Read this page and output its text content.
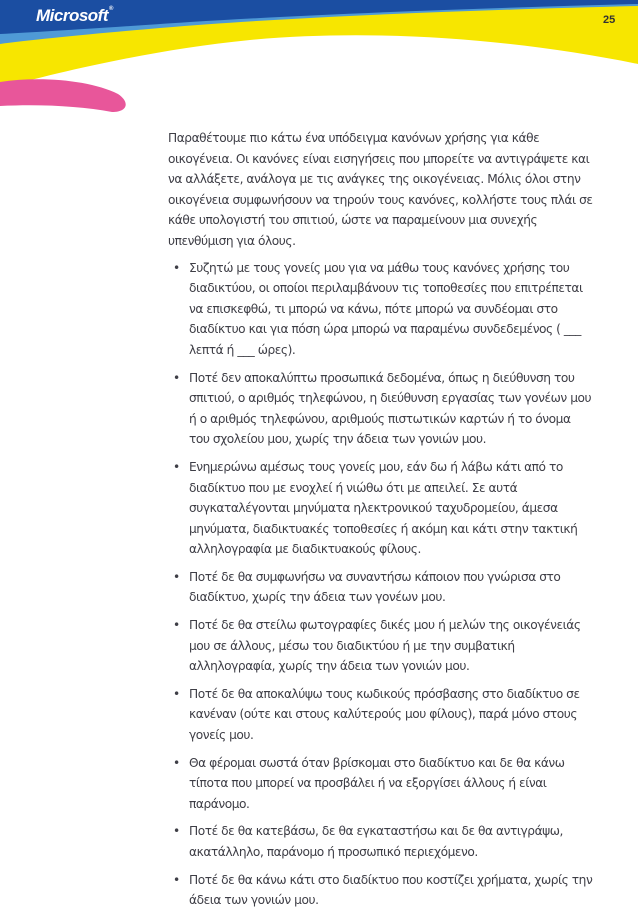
Microsoft®
25

Παραθέτουμε πιο κάτω ένα υπόδειγμα κανόνων χρήσης για κάθε οικογένεια. Οι κανόνες είναι εισηγήσεις που μπορείτε να αντιγράψετε και να αλλάξετε, ανάλογα με τις ανάγκες της οικογένειας. Μόλις όλοι στην οικογένεια συμφωνήσουν να τηρούν τους κανόνες, κολλήστε τους πλάι σε κάθε υπολογιστή του σπιτιού, ώστε να παραμείνουν μια συνεχής υπενθύμιση για όλους.

• Συζητώ με τους γονείς μου για να μάθω τους κανόνες χρήσης του διαδικτύου, οι οποίοι περιλαμβάνουν τις τοποθεσίες που επιτρέπεται να επισκεφθώ, τι μπορώ να κάνω, πότε μπορώ να συνδέομαι στο διαδίκτυο και για πόση ώρα μπορώ να παραμένω συνδεδεμένος ( ___ λεπτά ή ___ ώρες).
• Ποτέ δεν αποκαλύπτω προσωπικά δεδομένα, όπως η διεύθυνση του σπιτιού, ο αριθμός τηλεφώνου, η διεύθυνση εργασίας των γονέων μου ή ο αριθμός τηλεφώνου, αριθμούς πιστωτικών καρτών ή το όνομα του σχολείου μου, χωρίς την άδεια των γονιών μου.
• Ενημερώνω αμέσως τους γονείς μου, εάν δω ή λάβω κάτι από το διαδίκτυο που με ενοχλεί ή νιώθω ότι με απειλεί. Σε αυτά συγκαταλέγονται μηνύματα ηλεκτρονικού ταχυδρομείου, άμεσα μηνύματα, διαδικτυακές τοποθεσίες ή ακόμη και κάτι στην τακτική αλληλογραφία με διαδικτυακούς φίλους.
• Ποτέ δε θα συμφωνήσω να συναντήσω κάποιον που γνώρισα στο διαδίκτυο, χωρίς την άδεια των γονέων μου.
• Ποτέ δε θα στείλω φωτογραφίες δικές μου ή μελών της οικογένειάς μου σε άλλους, μέσω του διαδικτύου ή με την συμβατική αλληλογραφία, χωρίς την άδεια των γονιών μου.
• Ποτέ δε θα αποκαλύψω τους κωδικούς πρόσβασης στο διαδίκτυο σε κανέναν (ούτε και στους καλύτερούς μου φίλους), παρά μόνο στους γονείς μου.
• Θα φέρομαι σωστά όταν βρίσκομαι στο διαδίκτυο και δε θα κάνω τίποτα που μπορεί να προσβάλει ή να εξοργίσει άλλους ή είναι παράνομο.
• Ποτέ δε θα κατεβάσω, δε θα εγκαταστήσω και δε θα αντιγράψω, ακατάλληλο, παράνομο ή προσωπικό περιεχόμενο.
• Ποτέ δε θα κάνω κάτι στο διαδίκτυο που κοστίζει χρήματα, χωρίς την άδεια των γονιών μου.
